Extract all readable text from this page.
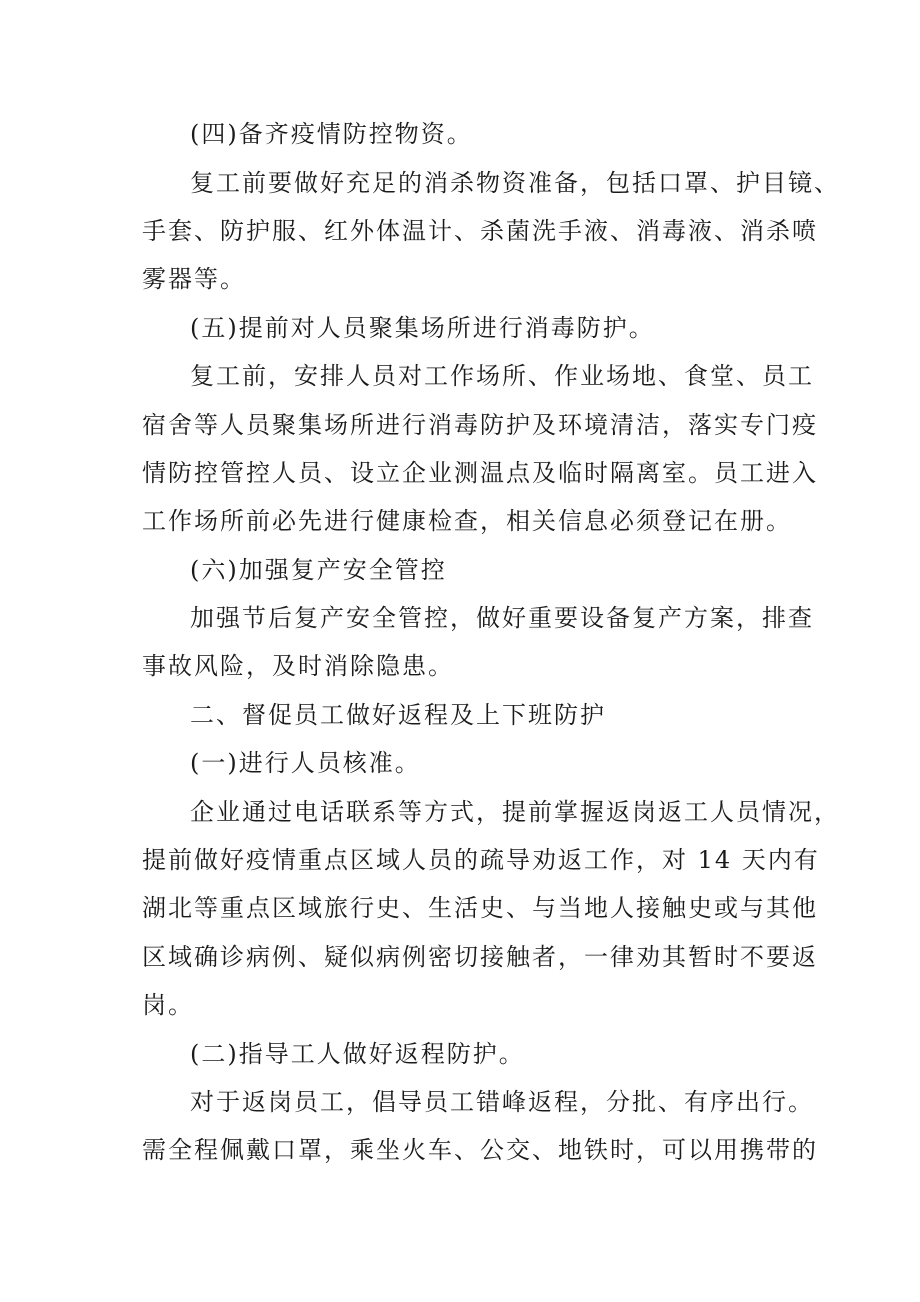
(四)备齐疫情防控物资。
复工前要做好充足的消杀物资准备，包括口罩、护目镜、
手套、防护服、红外体温计、杀菌洗手液、消毒液、消杀喷
雾器等。
(五)提前对人员聚集场所进行消毒防护。
复工前，安排人员对工作场所、作业场地、食堂、员工
宿舍等人员聚集场所进行消毒防护及环境清洁，落实专门疫
情防控管控人员、设立企业测温点及临时隔离室。员工进入
工作场所前必先进行健康检查，相关信息必须登记在册。
(六)加强复产安全管控
加强节后复产安全管控，做好重要设备复产方案，排查
事故风险，及时消除隐患。
二、督促员工做好返程及上下班防护
(一)进行人员核准。
企业通过电话联系等方式，提前掌握返岗返工人员情况，
提前做好疫情重点区域人员的疏导劝返工作，对 14 天内有
湖北等重点区域旅行史、生活史、与当地人接触史或与其他
区域确诊病例、疑似病例密切接触者，一律劝其暂时不要返
岗。
(二)指导工人做好返程防护。
对于返岗员工，倡导员工错峰返程，分批、有序出行。
需全程佩戴口罩，乘坐火车、公交、地铁时，可以用携带的
